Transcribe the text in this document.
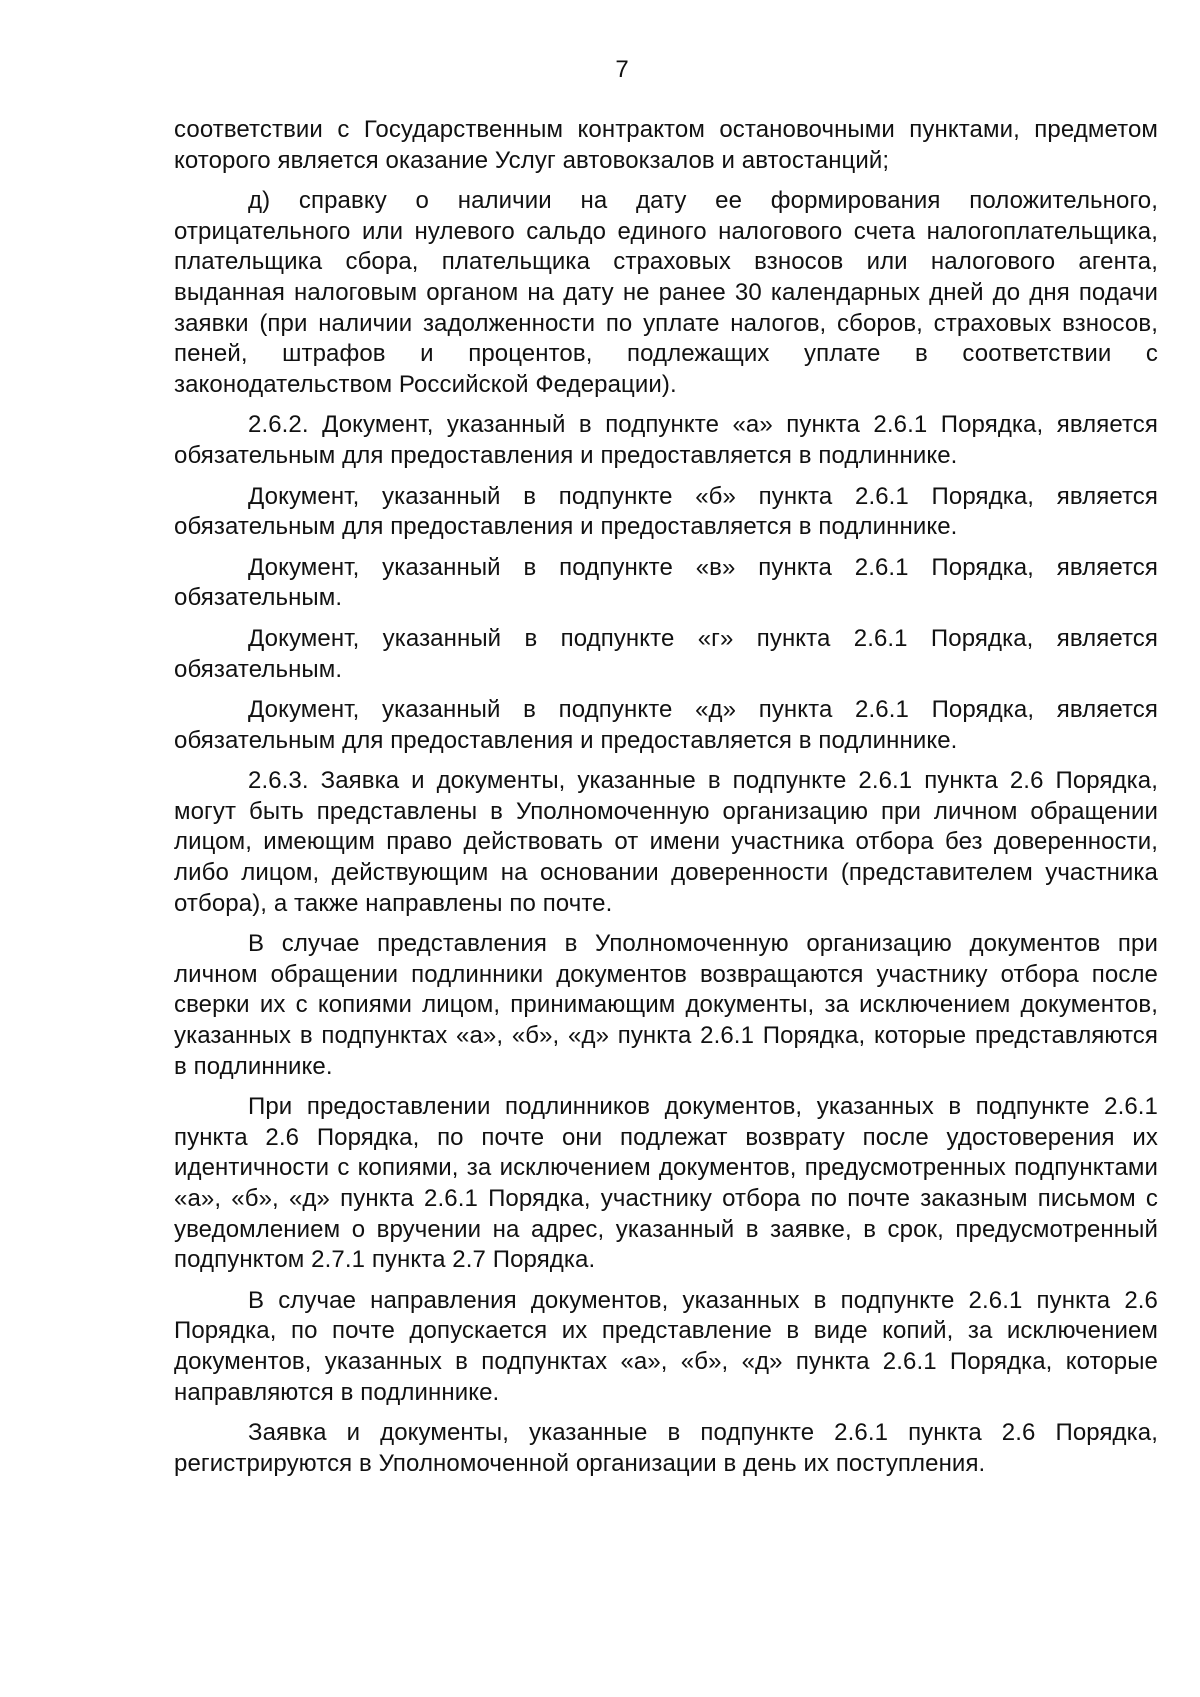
7

соответствии с Государственным контрактом остановочными пунктами, предметом которого является оказание Услуг автовокзалов и автостанций;

д) справку о наличии на дату ее формирования положительного, отрицательного или нулевого сальдо единого налогового счета налогоплательщика, плательщика сбора, плательщика страховых взносов или налогового агента, выданная налоговым органом на дату не ранее 30 календарных дней до дня подачи заявки (при наличии задолженности по уплате налогов, сборов, страховых взносов, пеней, штрафов и процентов, подлежащих уплате в соответствии с законодательством Российской Федерации).

2.6.2. Документ, указанный в подпункте «а» пункта 2.6.1 Порядка, является обязательным для предоставления и предоставляется в подлиннике.

Документ, указанный в подпункте «б» пункта 2.6.1 Порядка, является обязательным для предоставления и предоставляется в подлиннике.

Документ, указанный в подпункте «в» пункта 2.6.1 Порядка, является обязательным.

Документ, указанный в подпункте «г» пункта 2.6.1 Порядка, является обязательным.

Документ, указанный в подпункте «д» пункта 2.6.1 Порядка, является обязательным для предоставления и предоставляется в подлиннике.

2.6.3. Заявка и документы, указанные в подпункте 2.6.1 пункта 2.6 Порядка, могут быть представлены в Уполномоченную организацию при личном обращении лицом, имеющим право действовать от имени участника отбора без доверенности, либо лицом, действующим на основании доверенности (представителем участника отбора), а также направлены по почте.

В случае представления в Уполномоченную организацию документов при личном обращении подлинники документов возвращаются участнику отбора после сверки их с копиями лицом, принимающим документы, за исключением документов, указанных в подпунктах «а», «б», «д» пункта 2.6.1 Порядка, которые представляются в подлиннике.

При предоставлении подлинников документов, указанных в подпункте 2.6.1 пункта 2.6 Порядка, по почте они подлежат возврату после удостоверения их идентичности с копиями, за исключением документов, предусмотренных подпунктами «а», «б», «д» пункта 2.6.1 Порядка, участнику отбора по почте заказным письмом с уведомлением о вручении на адрес, указанный в заявке, в срок, предусмотренный подпунктом 2.7.1 пункта 2.7 Порядка.

В случае направления документов, указанных в подпункте 2.6.1 пункта 2.6 Порядка, по почте допускается их представление в виде копий, за исключением документов, указанных в подпунктах «а», «б», «д» пункта 2.6.1 Порядка, которые направляются в подлиннике.

Заявка и документы, указанные в подпункте 2.6.1 пункта 2.6 Порядка, регистрируются в Уполномоченной организации в день их поступления.
